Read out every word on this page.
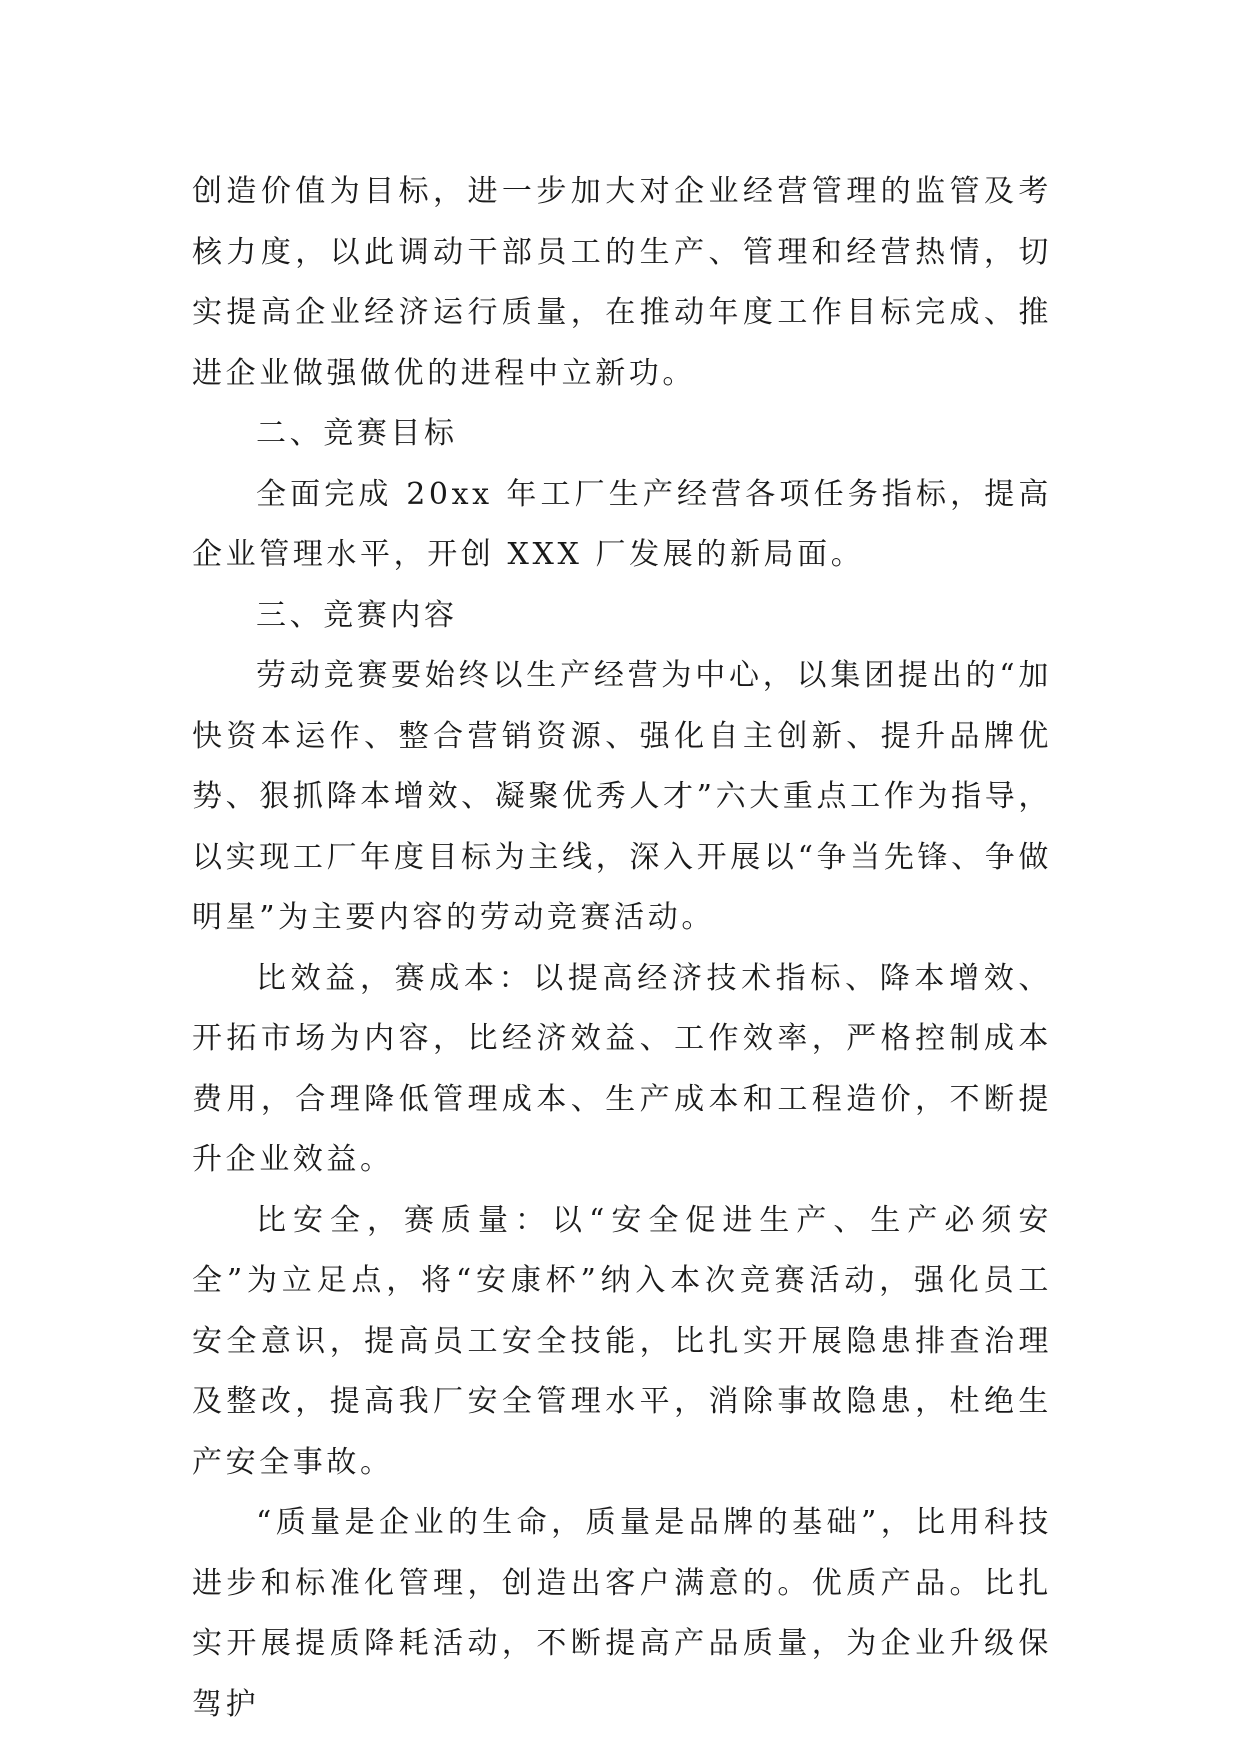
创造价值为目标，进一步加大对企业经营管理的监管及考核力度，以此调动干部员工的生产、管理和经营热情，切实提高企业经济运行质量，在推动年度工作目标完成、推进企业做强做优的进程中立新功。

二、竞赛目标

全面完成 20xx 年工厂生产经营各项任务指标，提高企业管理水平，开创 XXX 厂发展的新局面。

三、竞赛内容

劳动竞赛要始终以生产经营为中心，以集团提出的“加快资本运作、整合营销资源、强化自主创新、提升品牌优势、狠抓降本增效、凝聚优秀人才”六大重点工作为指导，以实现工厂年度目标为主线，深入开展以“争当先锋、争做明星”为主要内容的劳动竞赛活动。

比效益，赛成本：以提高经济技术指标、降本增效、开拓市场为内容，比经济效益、工作效率，严格控制成本费用，合理降低管理成本、生产成本和工程造价，不断提升企业效益。

比安全，赛质量：以“安全促进生产、生产必须安全”为立足点，将“安康杯”纳入本次竞赛活动，强化员工安全意识，提高员工安全技能，比扎实开展隐患排查治理及整改，提高我厂安全管理水平，消除事故隐患，杜绝生产安全事故。

“质量是企业的生命，质量是品牌的基础”，比用科技进步和标准化管理，创造出客户满意的。优质产品。比扎实开展提质降耗活动，不断提高产品质量，为企业升级保驾护
